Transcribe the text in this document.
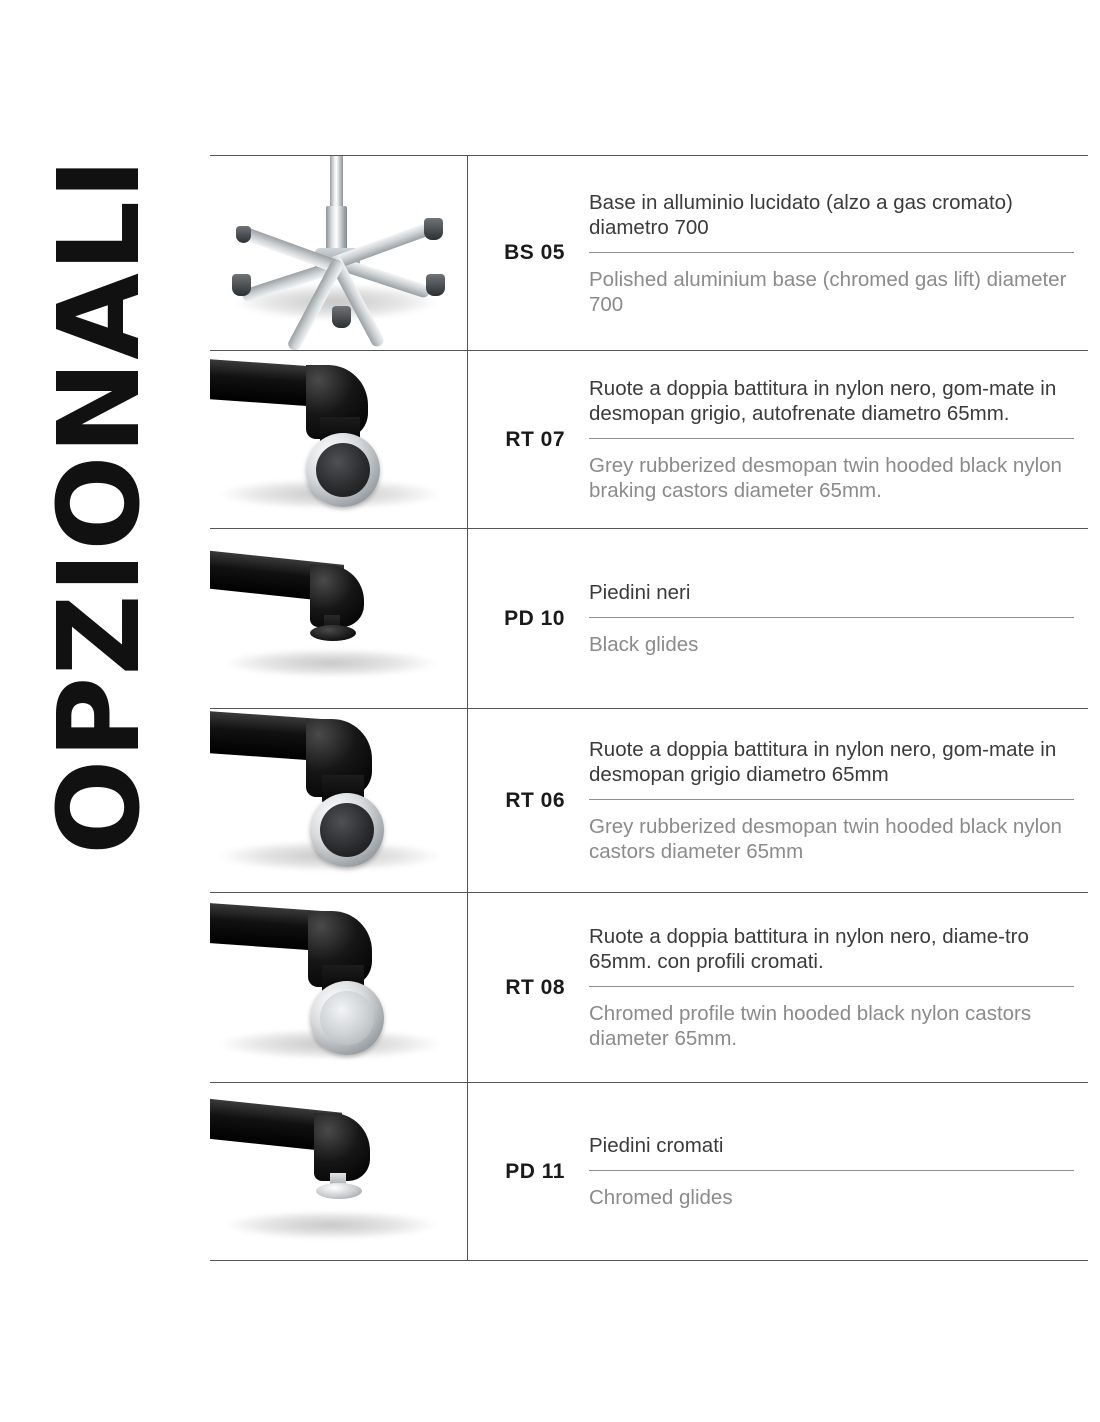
OPZIONALI	BS 05
Base in alluminio lucidato (alzo a gas cromato) diametro 700
Polished aluminium base (chromed gas lift) diameter 700
RT 07
Ruote a doppia battitura in nylon nero, gom-mate in desmopan grigio, autofrenate diametro 65mm.
Grey rubberized desmopan twin hooded black nylon braking castors diameter 65mm.
PD 10
Piedini neri
Black glides
RT 06
Ruote a doppia battitura in nylon nero, gom-mate in desmopan grigio diametro 65mm
Grey rubberized desmopan twin hooded black nylon castors diameter 65mm
RT 08
Ruote a doppia battitura in nylon nero, diame-tro 65mm. con profili cromati.
Chromed profile twin hooded black nylon castors diameter 65mm.
PD 11
Piedini cromati
Chromed glides
